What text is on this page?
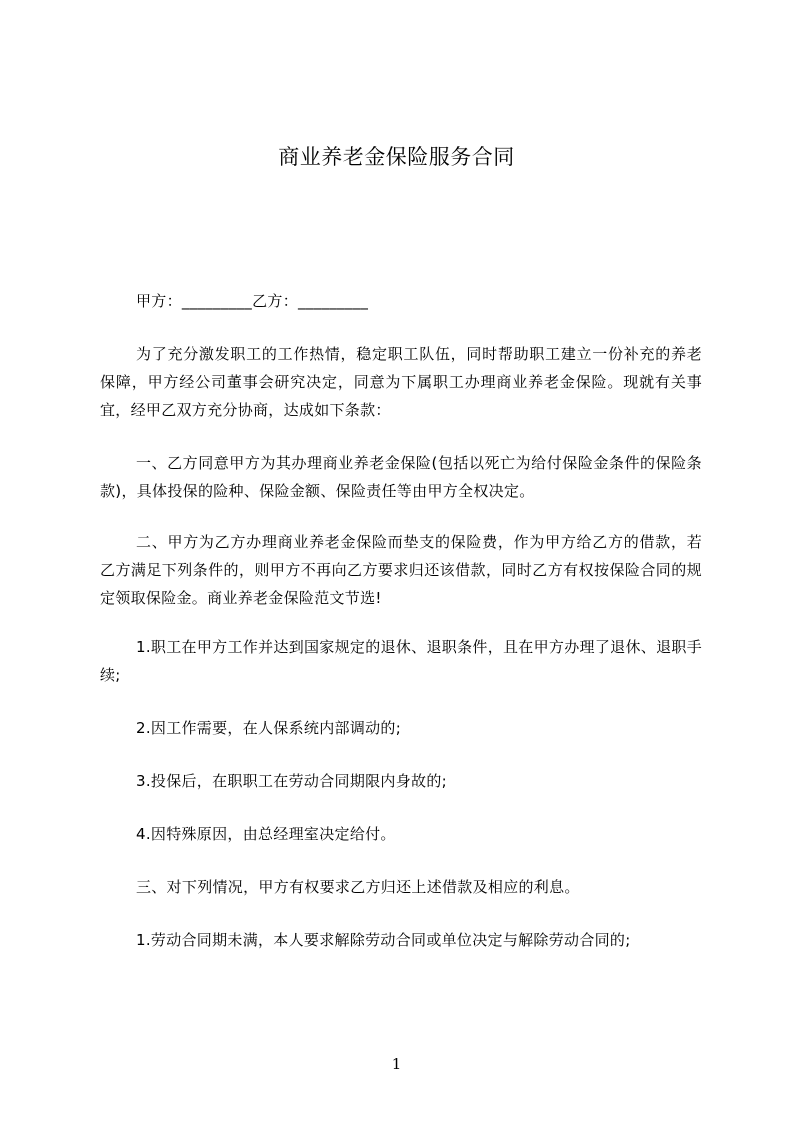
商业养老金保险服务合同

甲方：_________乙方：_________

为了充分激发职工的工作热情，稳定职工队伍，同时帮助职工建立一份补充的养老保障，甲方经公司董事会研究决定，同意为下属职工办理商业养老金保险。现就有关事宜，经甲乙双方充分协商，达成如下条款：

一、乙方同意甲方为其办理商业养老金保险(包括以死亡为给付保险金条件的保险条款)，具体投保的险种、保险金额、保险责任等由甲方全权决定。

二、甲方为乙方办理商业养老金保险而垫支的保险费，作为甲方给乙方的借款，若乙方满足下列条件的，则甲方不再向乙方要求归还该借款，同时乙方有权按保险合同的规定领取保险金。商业养老金保险范文节选!

1.职工在甲方工作并达到国家规定的退休、退职条件，且在甲方办理了退休、退职手续;

2.因工作需要，在人保系统内部调动的;

3.投保后，在职职工在劳动合同期限内身故的;

4.因特殊原因，由总经理室决定给付。

三、对下列情况，甲方有权要求乙方归还上述借款及相应的利息。

1.劳动合同期未满，本人要求解除劳动合同或单位决定与解除劳动合同的;

1
